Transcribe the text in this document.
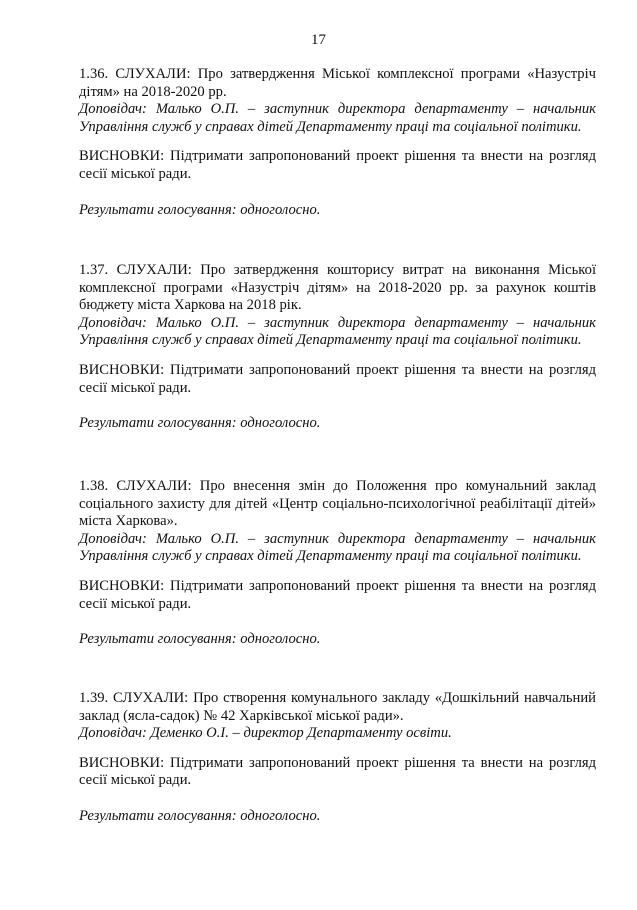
17

1.36. СЛУХАЛИ: Про затвердження Міської комплексної програми «Назустріч дітям» на 2018-2020 рр.

Доповідач: Малько О.П. – заступник директора департаменту – начальник Управління служб у справах дітей Департаменту праці та соціальної політики.

ВИСНОВКИ: Підтримати запропонований проект рішення та внести на розгляд сесії міської ради.

Результати голосування: одноголосно.

1.37. СЛУХАЛИ: Про затвердження кошторису витрат на виконання Міської комплексної програми «Назустріч дітям» на 2018-2020 рр. за рахунок коштів бюджету міста Харкова на 2018 рік.

Доповідач: Малько О.П. – заступник директора департаменту – начальник Управління служб у справах дітей Департаменту праці та соціальної політики.

ВИСНОВКИ: Підтримати запропонований проект рішення та внести на розгляд сесії міської ради.

Результати голосування: одноголосно.

1.38. СЛУХАЛИ: Про внесення змін до Положення про комунальний заклад соціального захисту для дітей «Центр соціально-психологічної реабілітації дітей» міста Харкова».

Доповідач: Малько О.П. – заступник директора департаменту – начальник Управління служб у справах дітей Департаменту праці та соціальної політики.

ВИСНОВКИ: Підтримати запропонований проект рішення та внести на розгляд сесії міської ради.

Результати голосування: одноголосно.

1.39. СЛУХАЛИ: Про створення комунального закладу «Дошкільний навчальний заклад (ясла-садок) № 42 Харківської міської ради».

Доповідач: Деменко О.І. – директор Департаменту освіти.

ВИСНОВКИ: Підтримати запропонований проект рішення та внести на розгляд сесії міської ради.

Результати голосування: одноголосно.
